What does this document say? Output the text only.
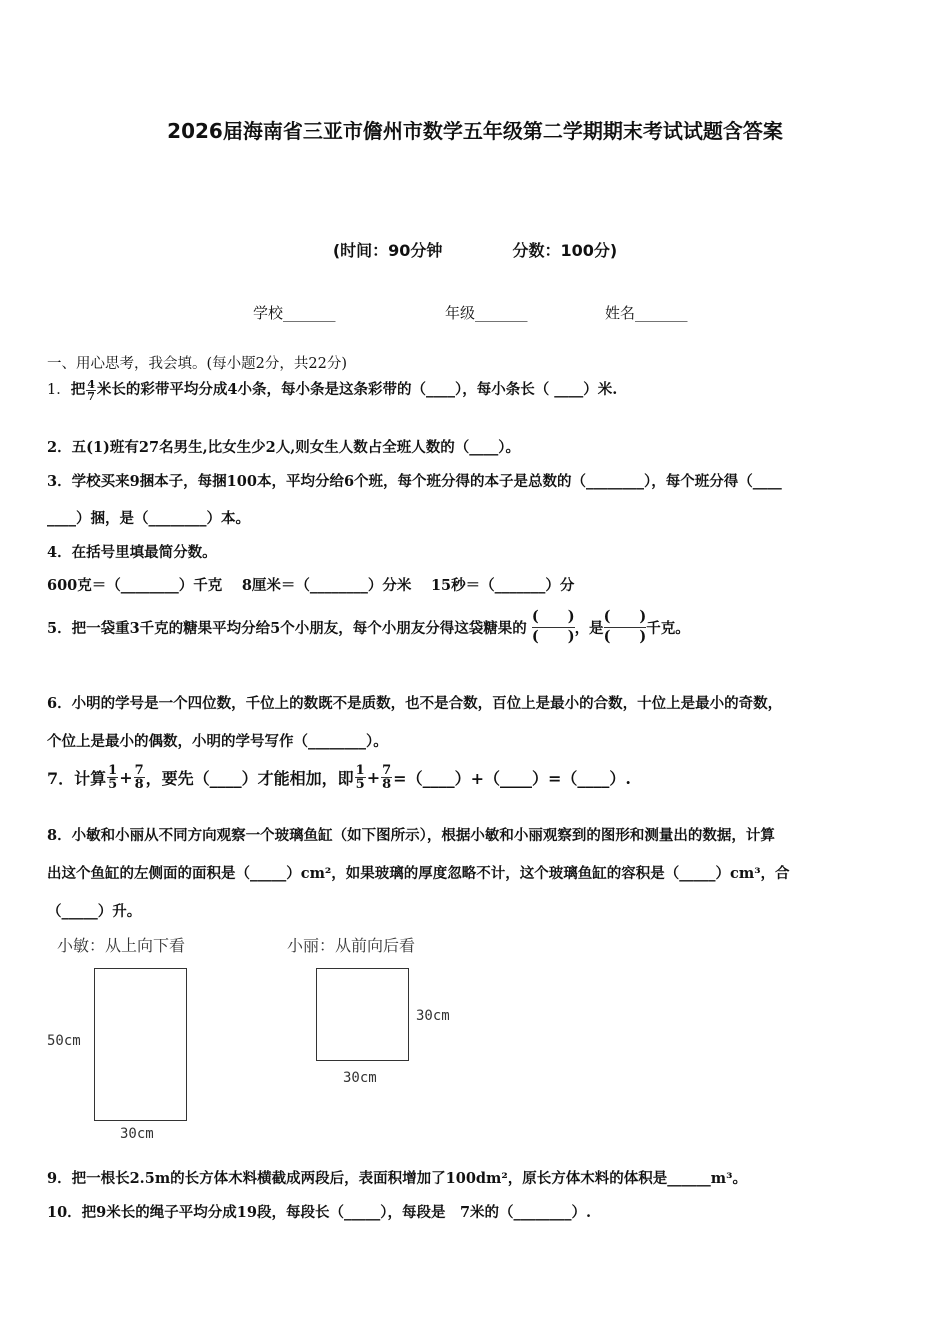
2026届海南省三亚市儋州市数学五年级第二学期期末考试试题含答案
(时间：90分钟	分数：100分)
学校_______	年级_______	姓名_______
一、用心思考，我会填。(每小题2分，共22分)
1．把 $\frac{4}{7}$ 米长的彩带平均分成4小条，每小条是这条彩带的（____），每小条长（ ____）米.
2．五(1)班有27名男生,比女生少2人,则女生人数占全班人数的（____）。
3．学校买来9捆本子，每捆100本，平均分给6个班，每个班分得的本子是总数的（________），每个班分得（____
____）捆，是（________）本。
4．在括号里填最简分数。
600克＝（________）千克　 8厘米＝（________）分米　 15秒＝（_______）分
5．把一袋重3千克的糖果平均分给5个小朋友，每个小朋友分得这袋糖果的
(　　)
(　　) ，是
(　　)
(　　) 千克。
6．小明的学号是一个四位数，千位上的数既不是质数，也不是合数，百位上是最小的合数，十位上是最小的奇数，
个位上是最小的偶数，小明的学号写作（________）。
7．计算 $\frac{1}{5} + \frac{7}{8}$ ，要先（____）才能相加，即 $\frac{1}{5} + \frac{7}{8}$ =（____）+（____）=（____）.
8．小敏和小丽从不同方向观察一个玻璃鱼缸（如下图所示），根据小敏和小丽观察到的图形和测量出的数据，计算
出这个鱼缸的左侧面的面积是（_____）cm²，如果玻璃的厚度忽略不计，这个玻璃鱼缸的容积是（_____）cm³，合
（_____）升。
小敏：从上向下看
50cm
30cm
小丽：从前向后看
30cm
30cm
9．把一根长2.5m的长方体木料横截成两段后，表面积增加了100dm²，原长方体木料的体积是______m³。
10．把9米长的绳子平均分成19段，每段长（_____），每段是　7米的（________）.
